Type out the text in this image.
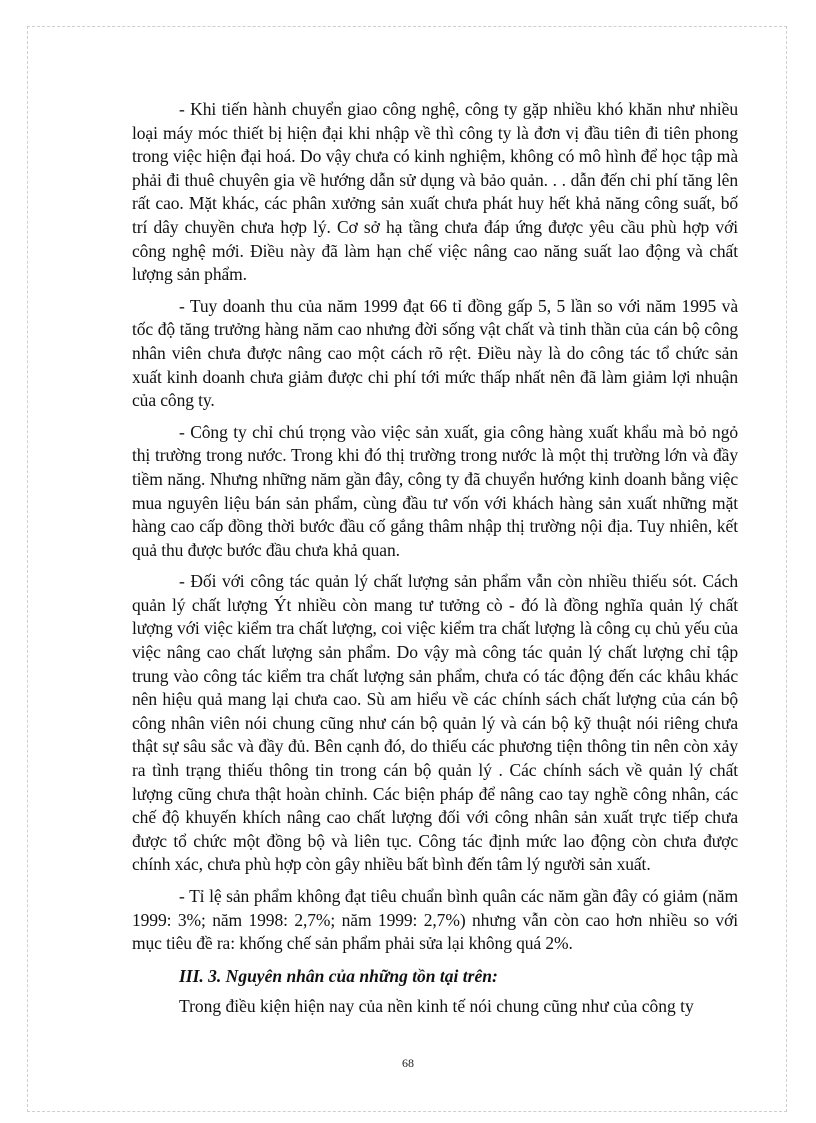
- Khi tiến hành chuyển giao công nghệ, công ty gặp nhiều khó khăn như nhiều loại máy móc thiết bị hiện đại khi nhập về thì công ty là đơn vị đầu tiên đi tiên phong trong việc hiện đại hoá. Do vậy chưa có kinh nghiệm, không có mô hình để học tập mà phải đi thuê chuyên gia về hướng dẫn sử dụng và bảo quản. . . dẫn đến chi phí tăng lên rất cao. Mặt khác, các phân xưởng sản xuất chưa phát huy hết khả năng công suất, bố trí dây chuyền chưa hợp lý. Cơ sở hạ tầng chưa đáp ứng được yêu cầu phù hợp với công nghệ mới. Điều này đã làm hạn chế việc nâng cao năng suất lao động và chất lượng sản phẩm.

- Tuy doanh thu của năm 1999 đạt 66 tỉ đồng gấp 5, 5 lần so với năm 1995 và tốc độ tăng trưởng hàng năm cao nhưng đời sống vật chất và tinh thần của cán bộ công nhân viên chưa được nâng cao một cách rõ rệt. Điều này là do công tác tổ chức sản xuất kinh doanh chưa giảm được chi phí tới mức thấp nhất nên đã làm giảm lợi nhuận của công ty.

- Công ty chỉ chú trọng vào việc sản xuất, gia công hàng xuất khẩu mà bỏ ngỏ thị trường trong nước. Trong khi đó thị trường trong nước là một thị trường lớn và đầy tiềm năng. Nhưng những năm gần đây, công ty đã chuyển hướng kinh doanh bằng việc mua nguyên liệu bán sản phẩm, cùng đầu tư vốn với khách hàng sản xuất những mặt hàng cao cấp đồng thời bước đầu cố gắng thâm nhập thị trường nội địa. Tuy nhiên, kết quả thu được bước đầu chưa khả quan.

- Đối với công tác quản lý chất lượng sản phẩm vẫn còn nhiều thiếu sót. Cách quản lý chất lượng Ýt nhiều còn mang tư tưởng cò - đó là đồng nghĩa quản lý chất lượng với việc kiểm tra chất lượng, coi việc kiểm tra chất lượng là công cụ chủ yếu của việc nâng cao chất lượng sản phẩm. Do vậy mà công tác quản lý chất lượng chỉ tập trung vào công tác kiểm tra chất lượng sản phẩm, chưa có tác động đến các khâu khác nên hiệu quả mang lại chưa cao. Sù am hiểu về các chính sách chất lượng của cán bộ công nhân viên nói chung cũng như cán bộ quản lý và cán bộ kỹ thuật nói riêng chưa thật sự sâu sắc và đầy đủ. Bên cạnh đó, do thiếu các phương tiện thông tin nên còn xảy ra tình trạng thiếu thông tin trong cán bộ quản lý . Các chính sách về quản lý chất lượng cũng chưa thật hoàn chỉnh. Các biện pháp để nâng cao tay nghề công nhân, các chế độ khuyến khích nâng cao chất lượng đối với công nhân sản xuất trực tiếp chưa được tổ chức một đồng bộ và liên tục. Công tác định mức lao động còn chưa được chính xác, chưa phù hợp còn gây nhiều bất bình đến tâm lý người sản xuất.

- Tỉ lệ sản phẩm không đạt tiêu chuẩn bình quân các năm gần đây có giảm (năm 1999: 3%; năm 1998: 2,7%; năm 1999: 2,7%) nhưng vẫn còn cao hơn nhiều so với mục tiêu đề ra: khống chế sản phẩm phải sửa lại không quá 2%.

III. 3. Nguyên nhân của những tồn tại trên:

Trong điều kiện hiện nay của nền kinh tế nói chung cũng như của công ty

68
